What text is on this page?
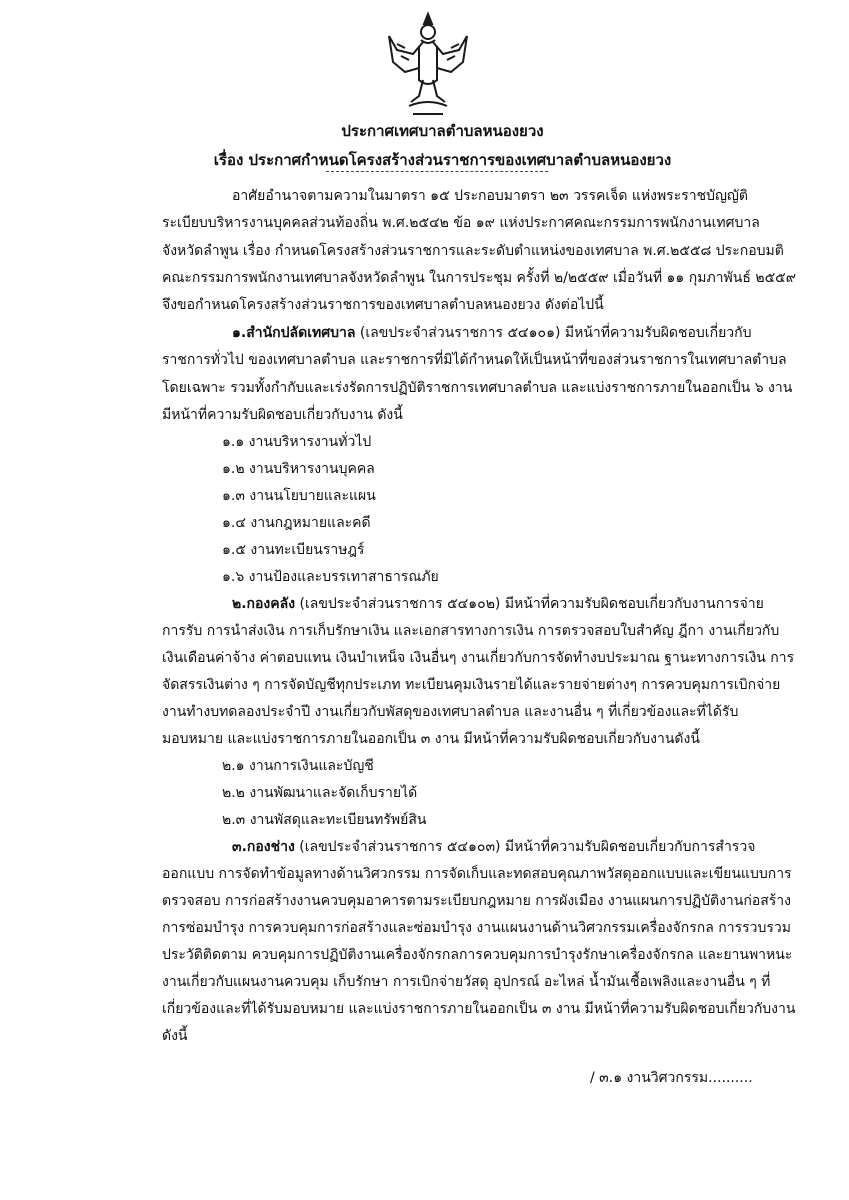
ประกาศเทศบาลตำบลหนองยวง
เรื่อง ประกาศกำหนดโครงสร้างส่วนราชการของเทศบาลตำบลหนองยวง
อาศัยอำนาจตามความในมาตรา ๑๕ ประกอบมาตรา ๒๓ วรรคเจ็ด แห่งพระราชบัญญัติ
ระเบียบบริหารงานบุคคลส่วนท้องถิ่น พ.ศ.๒๕๔๒ ข้อ ๑๙ แห่งประกาศคณะกรรมการพนักงานเทศบาล
จังหวัดลำพูน เรื่อง กำหนดโครงสร้างส่วนราชการและระดับตำแหน่งของเทศบาล พ.ศ.๒๕๕๘ ประกอบมติ
คณะกรรมการพนักงานเทศบาลจังหวัดลำพูน ในการประชุม ครั้งที่ ๒/๒๕๕๙ เมื่อวันที่ ๑๑ กุมภาพันธ์ ๒๕๕๙
จึงขอกำหนดโครงสร้างส่วนราชการของเทศบาลตำบลหนองยวง ดังต่อไปนี้
๑.สำนักปลัดเทศบาล (เลขประจำส่วนราชการ ๕๔๑๐๑) มีหน้าที่ความรับผิดชอบเกี่ยวกับ
ราชการทั่วไป ของเทศบาลตำบล และราชการที่มิได้กำหนดให้เป็นหน้าที่ของส่วนราชการในเทศบาลตำบล
โดยเฉพาะ รวมทั้งกำกับและเร่งรัดการปฏิบัติราชการเทศบาลตำบล และแบ่งราชการภายในออกเป็น ๖ งาน
มีหน้าที่ความรับผิดชอบเกี่ยวกับงาน ดังนี้
๑.๑ งานบริหารงานทั่วไป
๑.๒ งานบริหารงานบุคคล
๑.๓ งานนโยบายและแผน
๑.๔ งานกฎหมายและคดี
๑.๕ งานทะเบียนราษฎร์
๑.๖ งานป้องและบรรเทาสาธารณภัย
๒.กองคลัง (เลขประจำส่วนราชการ ๕๔๑๐๒) มีหน้าที่ความรับผิดชอบเกี่ยวกับงานการจ่าย
การรับ การนำส่งเงิน การเก็บรักษาเงิน และเอกสารทางการเงิน การตรวจสอบใบสำคัญ ฎีกา งานเกี่ยวกับ
เงินเดือนค่าจ้าง ค่าตอบแทน เงินบำเหน็จ เงินอื่นๆ งานเกี่ยวกับการจัดทำงบประมาณ ฐานะทางการเงิน การ
จัดสรรเงินต่าง ๆ การจัดบัญชีทุกประเภท ทะเบียนคุมเงินรายได้และรายจ่ายต่างๆ การควบคุมการเบิกจ่าย
งานทำงบทดลองประจำปี งานเกี่ยวกับพัสดุของเทศบาลตำบล และงานอื่น ๆ ที่เกี่ยวข้องและที่ได้รับ
มอบหมาย และแบ่งราชการภายในออกเป็น ๓ งาน มีหน้าที่ความรับผิดชอบเกี่ยวกับงานดังนี้
๒.๑ งานการเงินและบัญชี
๒.๒ งานพัฒนาและจัดเก็บรายได้
๒.๓ งานพัสดุและทะเบียนทรัพย์สิน
๓.กองช่าง (เลขประจำส่วนราชการ ๕๔๑๐๓) มีหน้าที่ความรับผิดชอบเกี่ยวกับการสำรวจ
ออกแบบ การจัดทำข้อมูลทางด้านวิศวกรรม การจัดเก็บและทดสอบคุณภาพวัสดุออกแบบและเขียนแบบการ
ตรวจสอบ การก่อสร้างงานควบคุมอาคารตามระเบียบกฎหมาย การผังเมือง งานแผนการปฏิบัติงานก่อสร้าง
การซ่อมบำรุง การควบคุมการก่อสร้างและซ่อมบำรุง งานแผนงานด้านวิศวกรรมเครื่องจักรกล การรวบรวม
ประวัติติดตาม ควบคุมการปฏิบัติงานเครื่องจักรกลการควบคุมการบำรุงรักษาเครื่องจักรกล และยานพาหนะ
งานเกี่ยวกับแผนงานควบคุม เก็บรักษา การเบิกจ่ายวัสดุ อุปกรณ์ อะไหล่ น้ำมันเชื้อเพลิงและงานอื่น ๆ ที่
เกี่ยวข้องและที่ได้รับมอบหมาย และแบ่งราชการภายในออกเป็น ๓ งาน มีหน้าที่ความรับผิดชอบเกี่ยวกับงาน
ดังนี้
/ ๓.๑ งานวิศวกรรม..........
